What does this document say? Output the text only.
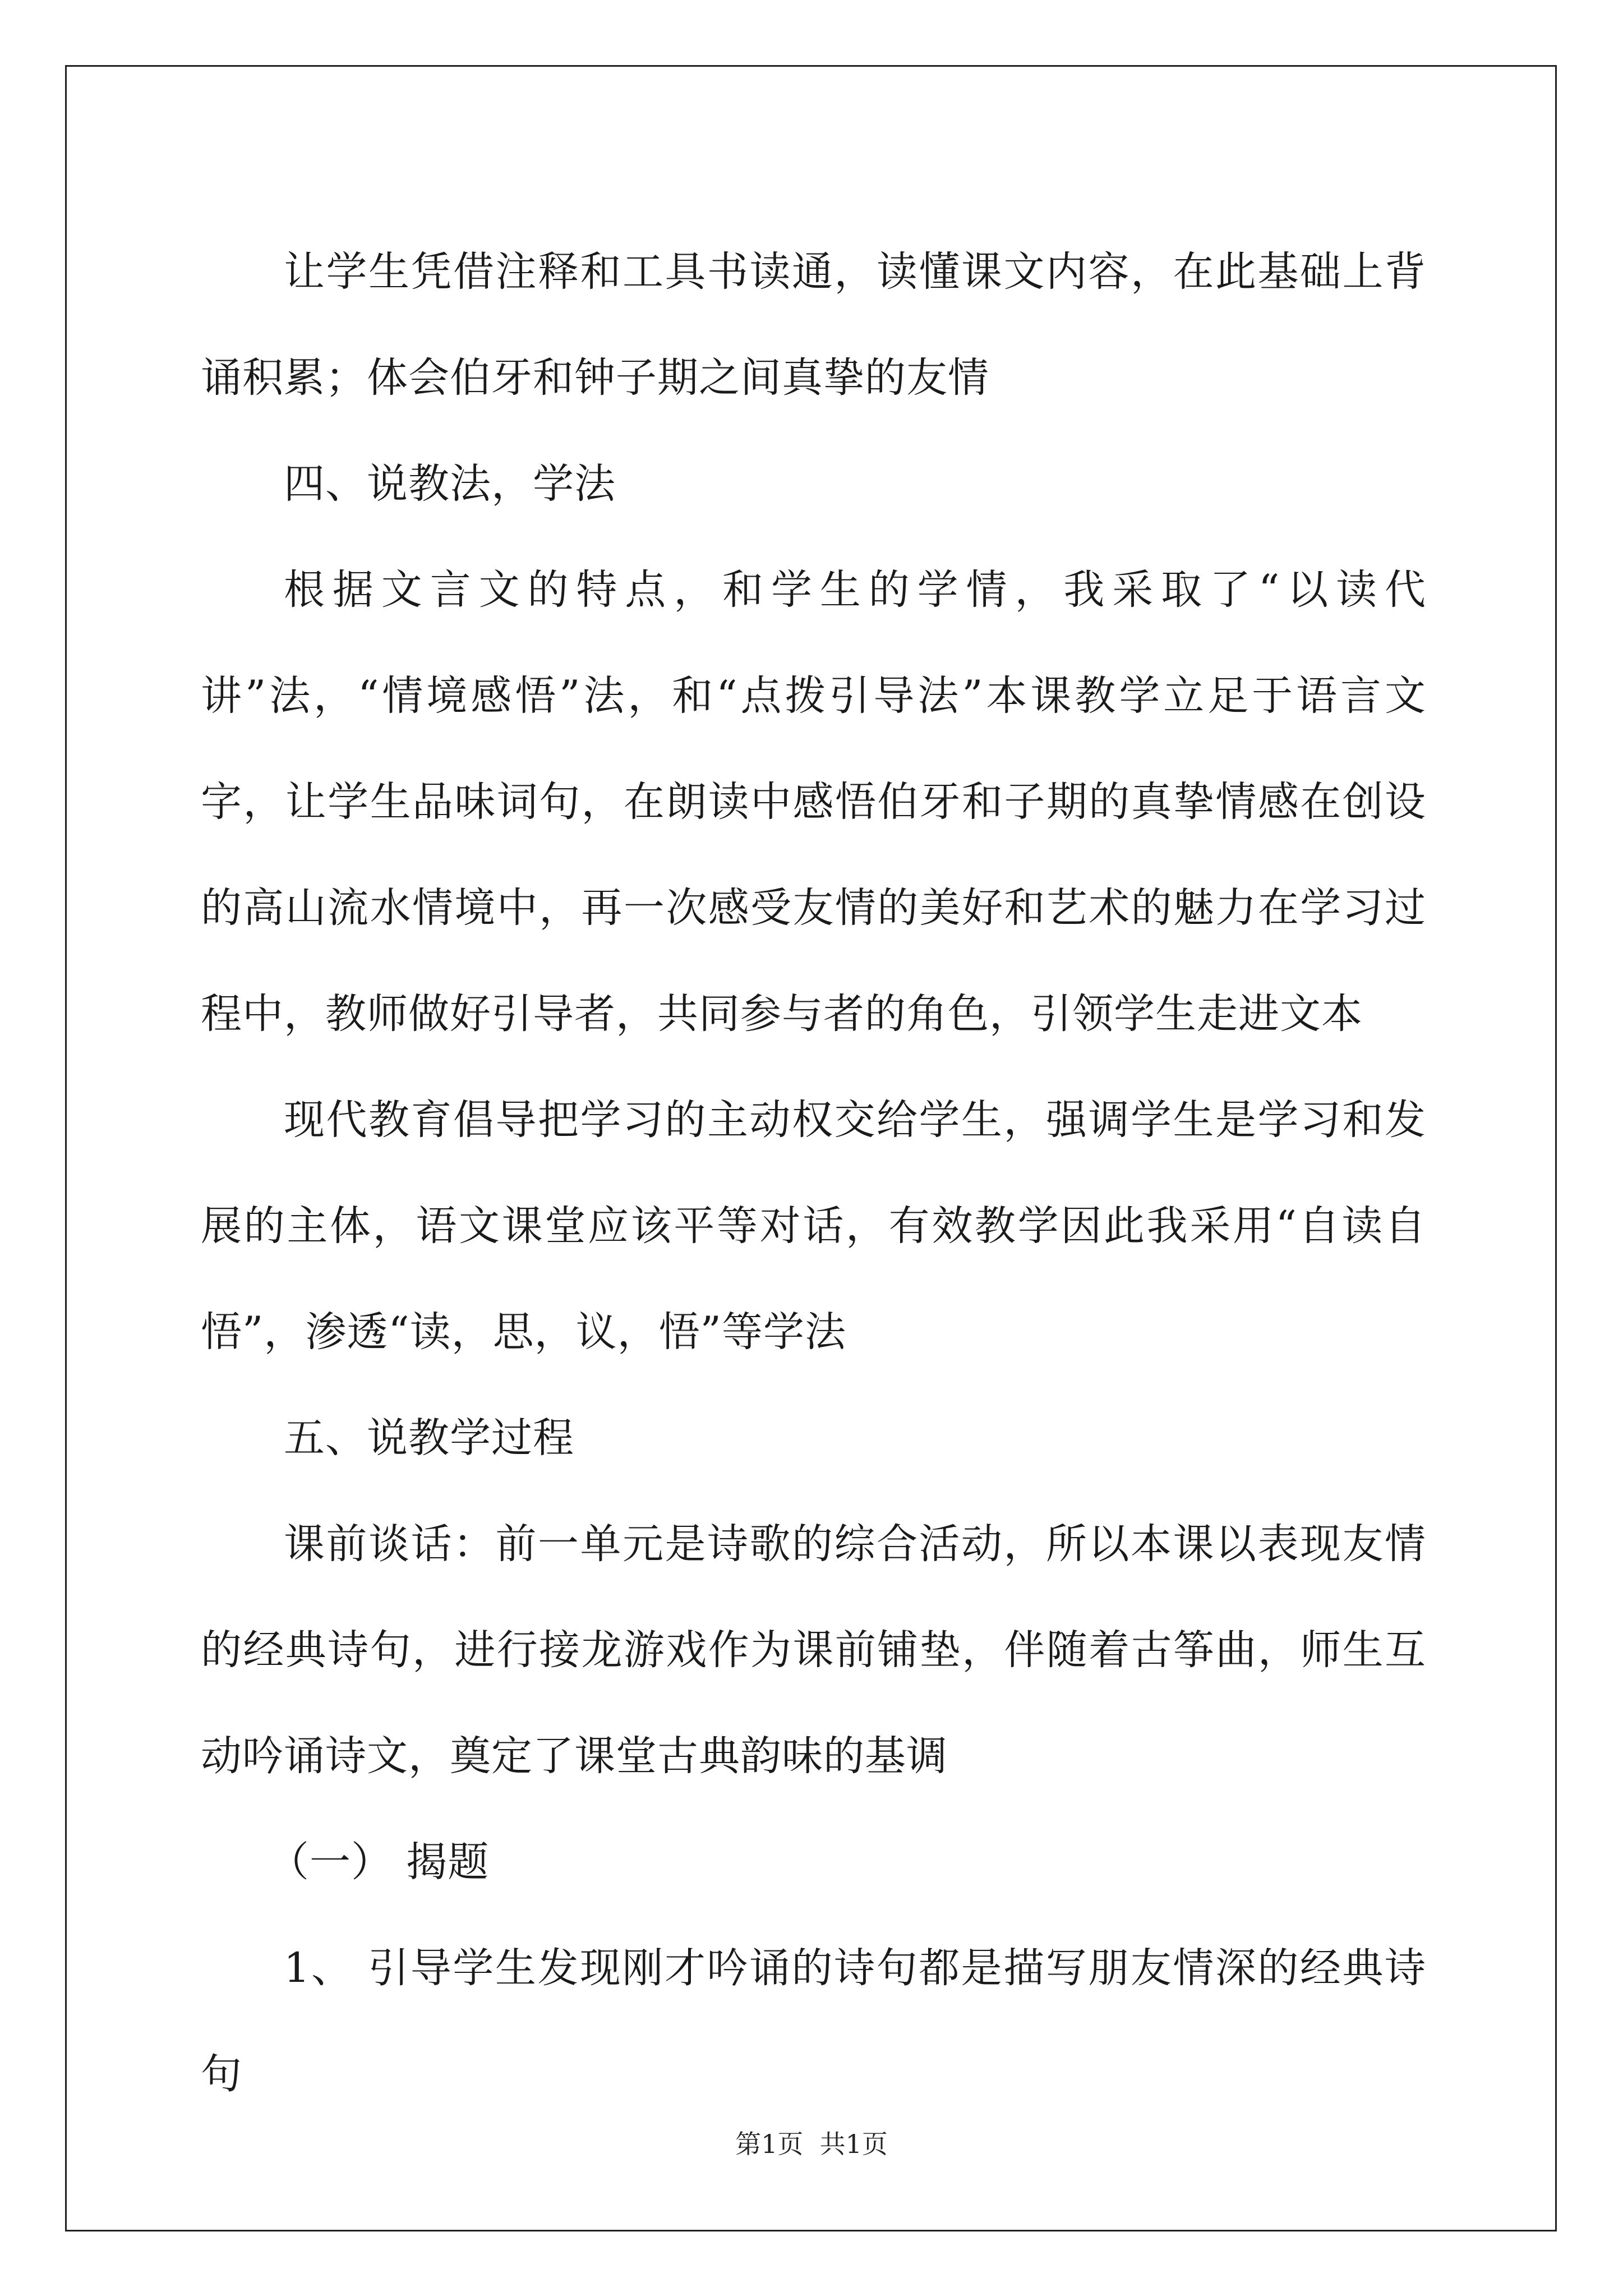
让学生凭借注释和工具书读通，读懂课文内容，在此基础上背诵积累；体会伯牙和钟子期之间真挚的友情

四、说教法，学法

根据文言文的特点，和学生的学情，我采取了“以读代讲”法，“情境感悟”法，和“点拨引导法”本课教学立足于语言文字，让学生品味词句，在朗读中感悟伯牙和子期的真挚情感在创设的高山流水情境中，再一次感受友情的美好和艺术的魅力在学习过程中，教师做好引导者，共同参与者的角色，引领学生走进文本

现代教育倡导把学习的主动权交给学生，强调学生是学习和发展的主体，语文课堂应该平等对话，有效教学因此我采用“自读自悟”，渗透“读，思，议，悟”等学法

五、说教学过程

课前谈话：前一单元是诗歌的综合活动，所以本课以表现友情的经典诗句，进行接龙游戏作为课前铺垫，伴随着古筝曲，师生互动吟诵诗文，奠定了课堂古典韵味的基调

（一） 揭题

1、 引导学生发现刚才吟诵的诗句都是描写朋友情深的经典诗句

第1页  共1页
